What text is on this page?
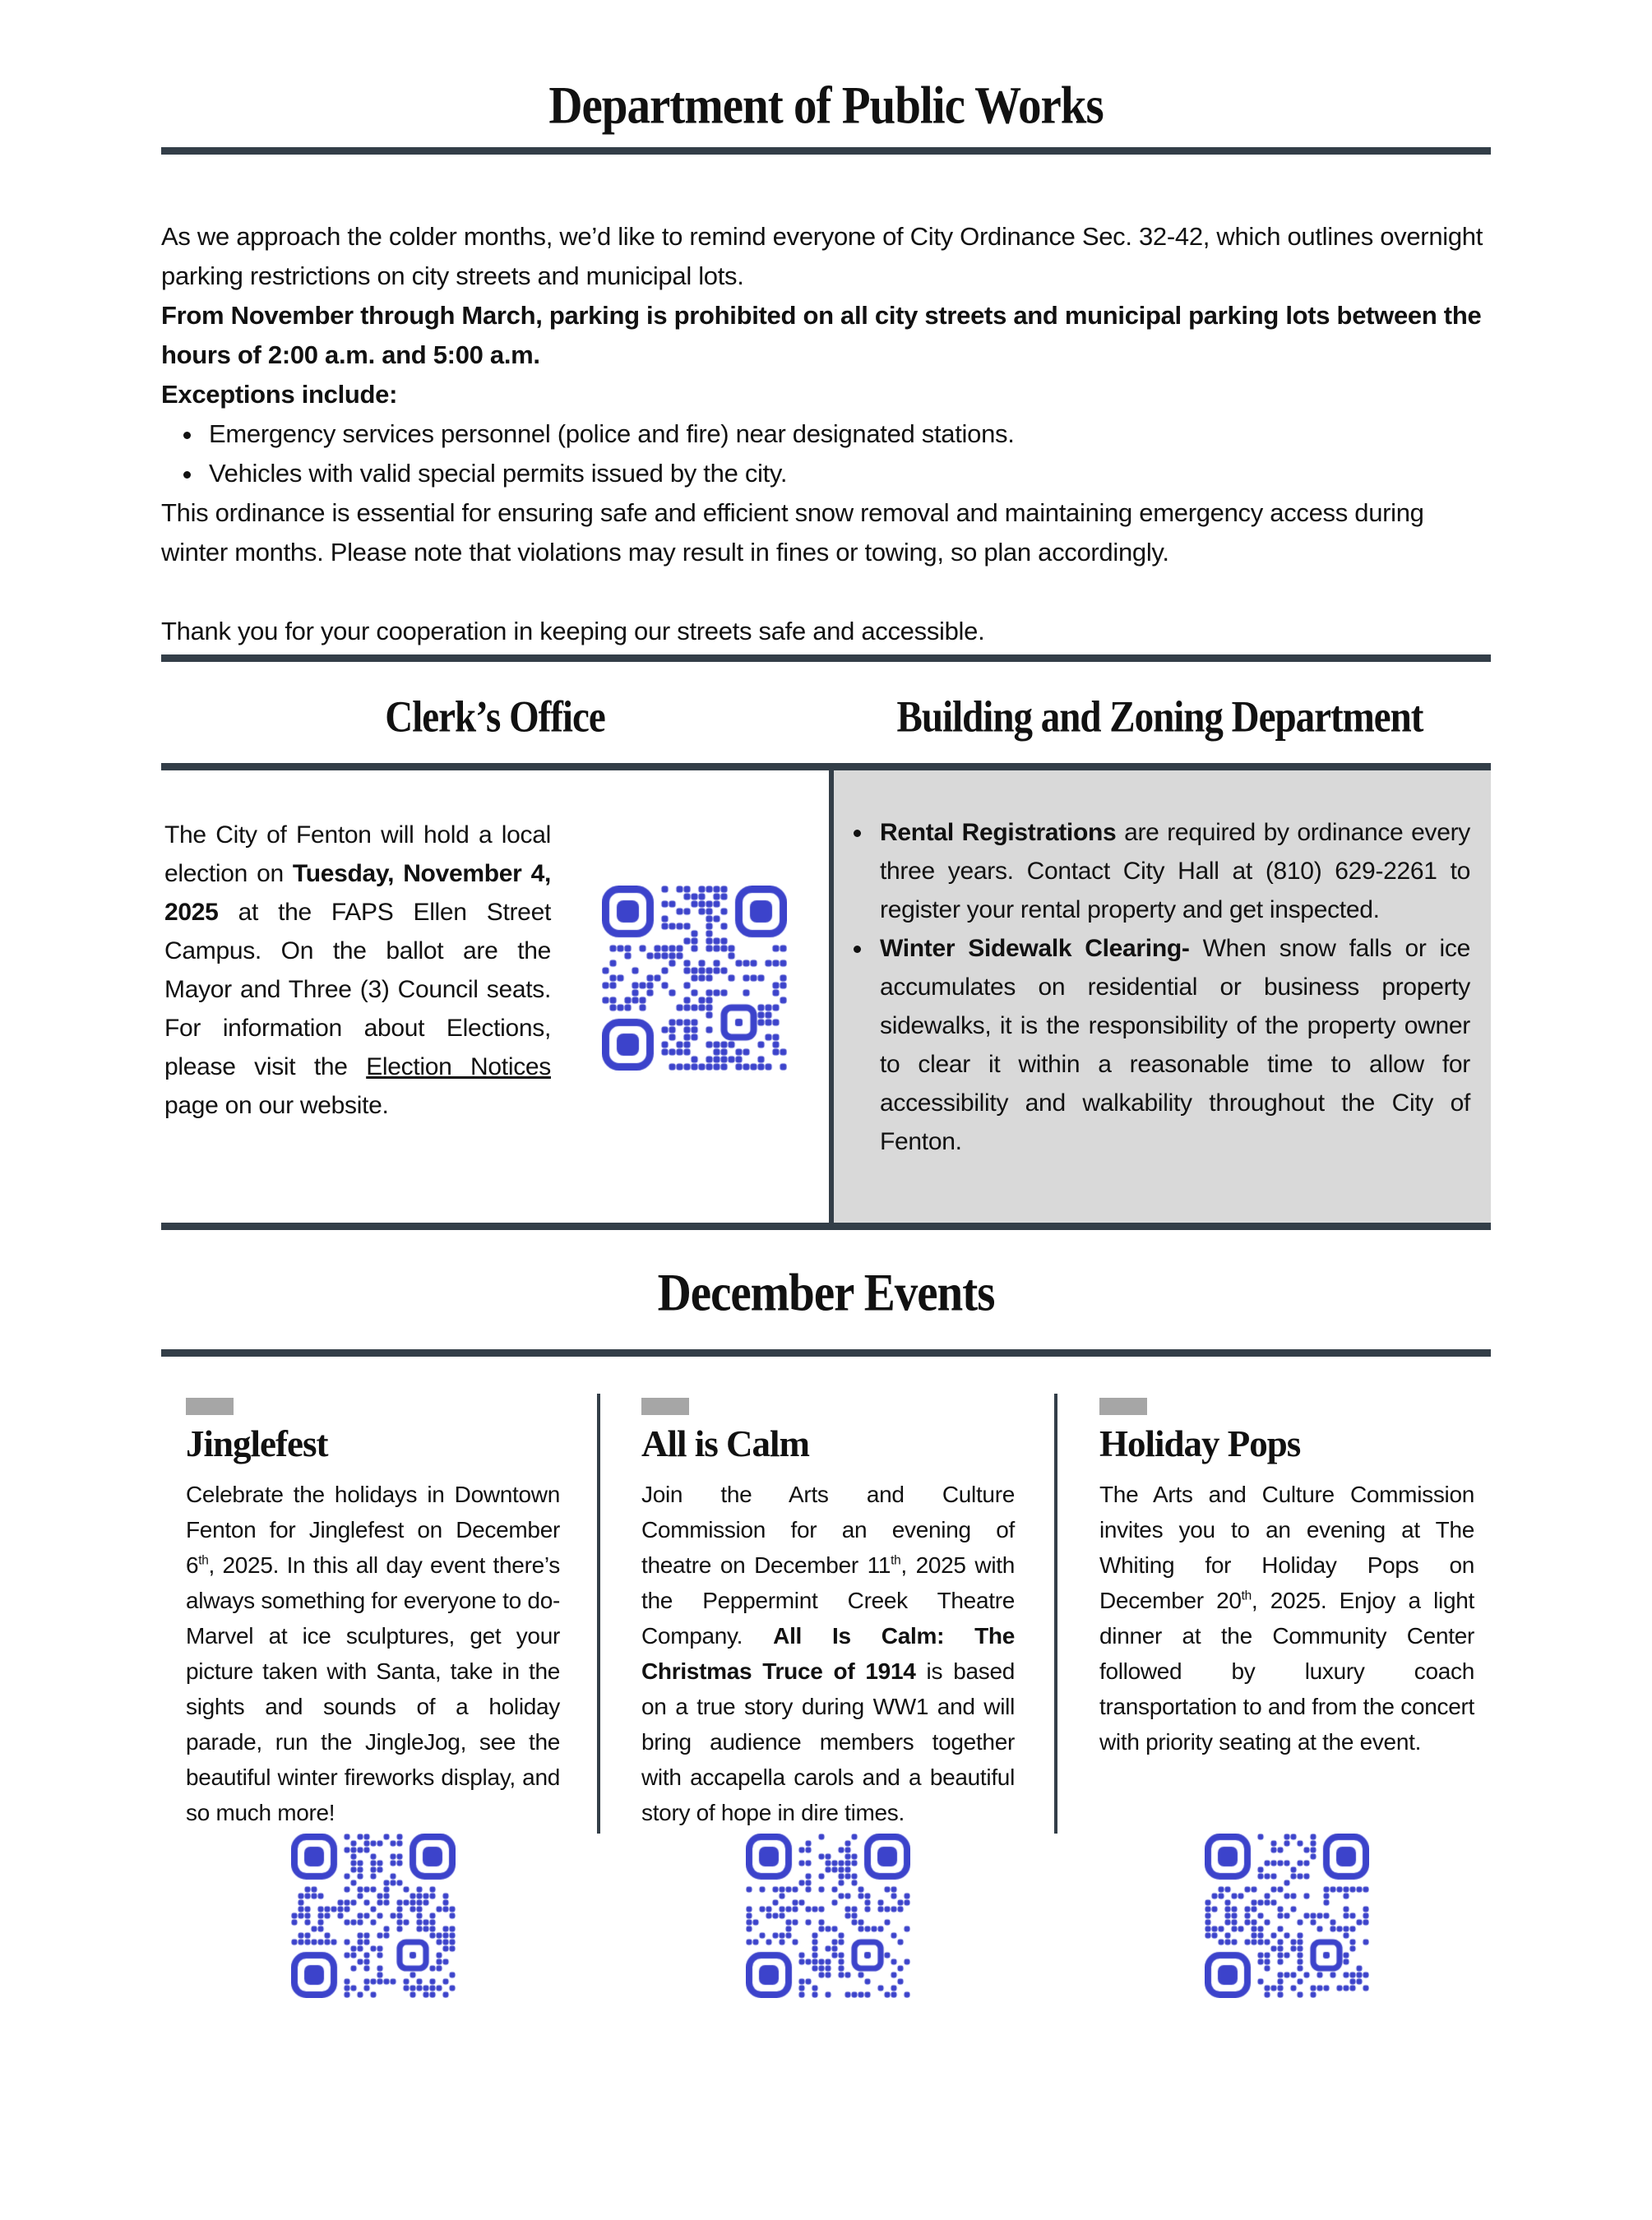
Department of Public Works

As we approach the colder months, we’d like to remind everyone of City Ordinance Sec. 32-42, which outlines overnight parking restrictions on city streets and municipal lots.

From November through March, parking is prohibited on all city streets and municipal parking lots between the hours of 2:00 a.m. and 5:00 a.m.

Exceptions include:

• Emergency services personnel (police and fire) near designated stations.
• Vehicles with valid special permits issued by the city.

This ordinance is essential for ensuring safe and efficient snow removal and maintaining emergency access during winter months. Please note that violations may result in fines or towing, so plan accordingly.

Thank you for your cooperation in keeping our streets safe and accessible.

Clerk’s Office	Building and Zoning Department
The City of Fenton will hold a local election on Tuesday, November 4, 2025 at the FAPS Ellen Street Campus. On the ballot are the Mayor and Three (3) Council seats. For information about Elections, please visit the Election Notices page on our website.
• Rental Registrations are required by ordinance every three years. Contact City Hall at (810) 629-2261 to register your rental property and get inspected.
• Winter Sidewalk Clearing- When snow falls or ice accumulates on residential or business property sidewalks, it is the responsibility of the property owner to clear it within a reasonable time to allow for accessibility and walkability throughout the City of Fenton.
December Events
Jinglefest
Celebrate the holidays in Downtown Fenton for Jinglefest on December 6th, 2025. In this all day event there’s always something for everyone to do- Marvel at ice sculptures, get your picture taken with Santa, take in the sights and sounds of a holiday parade, run the JingleJog, see the beautiful winter fireworks display, and so much more!
All is Calm
Join the Arts and Culture Commission for an evening of theatre on December 11th, 2025 with the Peppermint Creek Theatre Company. All Is Calm: The Christmas Truce of 1914 is based on a true story during WW1 and will bring audience members together with accapella carols and a beautiful story of hope in dire times.
Holiday Pops
The Arts and Culture Commission invites you to an evening at The Whiting for Holiday Pops on December 20th, 2025. Enjoy a light dinner at the Community Center followed by luxury coach transportation to and from the concert with priority seating at the event.
